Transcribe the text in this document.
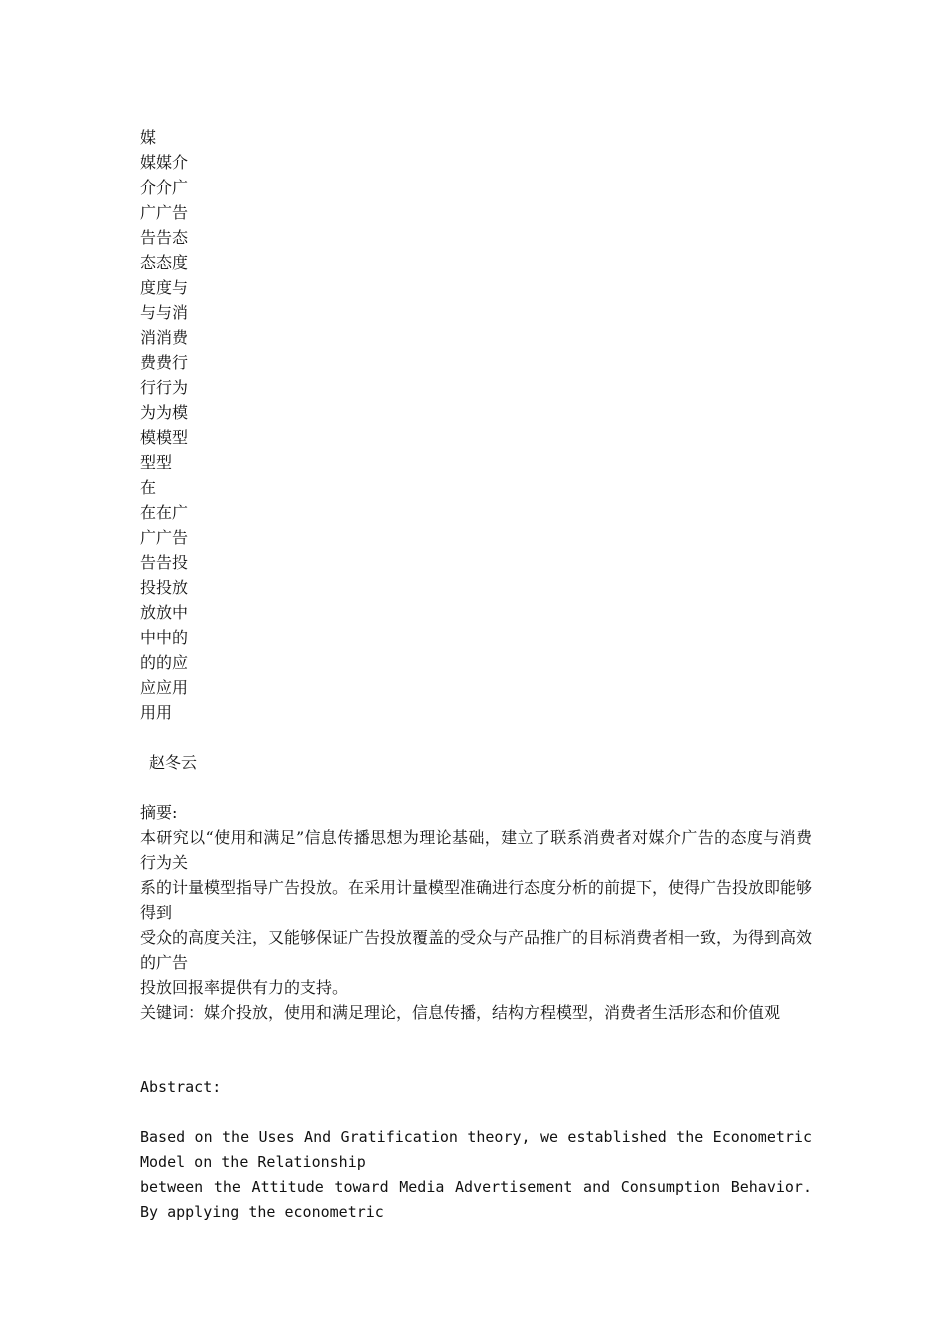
媒
媒媒介
介介广
广广告
告告态
态态度
度度与
与与消
消消费
费费行
行行为
为为模
模模型
型型
在
在在广
广广告
告告投
投投放
放放中
中中的
的的应
应应用
用用
赵冬云

摘要:

本研究以“使用和满足”信息传播思想为理论基础，建立了联系消费者对媒介广告的态度与消费行为关

系的计量模型指导广告投放。在采用计量模型准确进行态度分析的前提下，使得广告投放即能够得到

受众的高度关注，又能够保证广告投放覆盖的受众与产品推广的目标消费者相一致，为得到高效的广告

投放回报率提供有力的支持。

关键词：媒介投放，使用和满足理论，信息传播，结构方程模型，消费者生活形态和价值观

Abstract:

Based on the Uses And Gratification theory, we established the Econometric Model on the Relationship

between the Attitude toward Media Advertisement and Consumption Behavior. By applying the econometric
